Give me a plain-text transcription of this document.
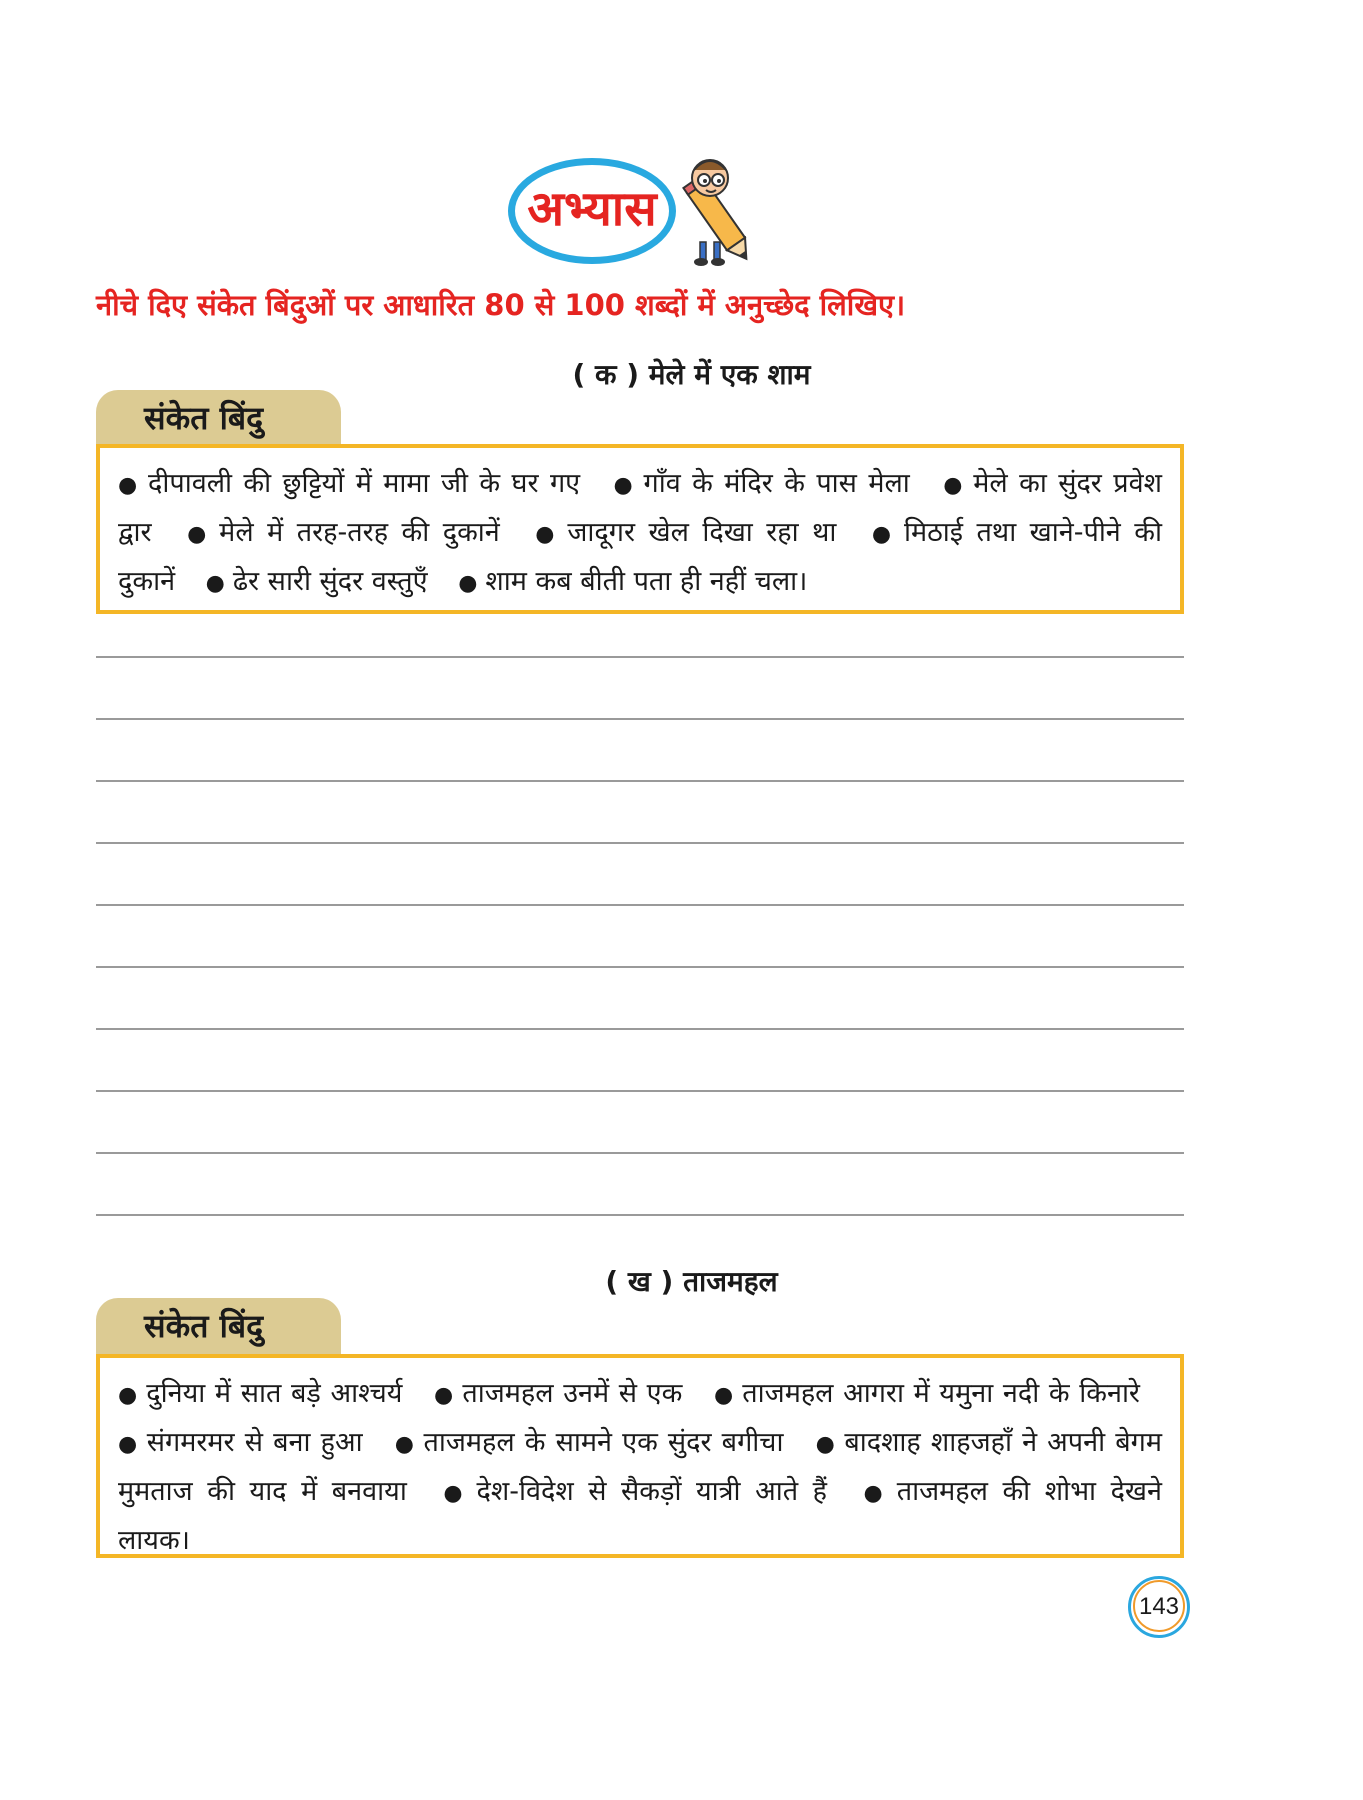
अभ्यास
नीचे दिए संकेत बिंदुओं पर आधारित 80 से 100 शब्दों में अनुच्छेद लिखिए।
( क ) मेले में एक शाम
संकेत बिंदु

● दीपावली की छुट्टियों में मामा जी के घर गए ● गाँव के मंदिर के पास मेला ● मेले का सुंदर प्रवेश द्वार ● मेले में तरह-तरह की दुकानें ● जादूगर खेल दिखा रहा था ● मिठाई तथा खाने-पीने की दुकानें ● ढेर सारी सुंदर वस्तुएँ ● शाम कब बीती पता ही नहीं चला।

( ख ) ताजमहल
संकेत बिंदु

● दुनिया में सात बड़े आश्चर्य ● ताजमहल उनमें से एक ● ताजमहल आगरा में यमुना नदी के किनारे ● संगमरमर से बना हुआ ● ताजमहल के सामने एक सुंदर बगीचा ● बादशाह शाहजहाँ ने अपनी बेगम मुमताज की याद में बनवाया ● देश-विदेश से सैकड़ों यात्री आते हैं ● ताजमहल की शोभा देखने लायक।

143
